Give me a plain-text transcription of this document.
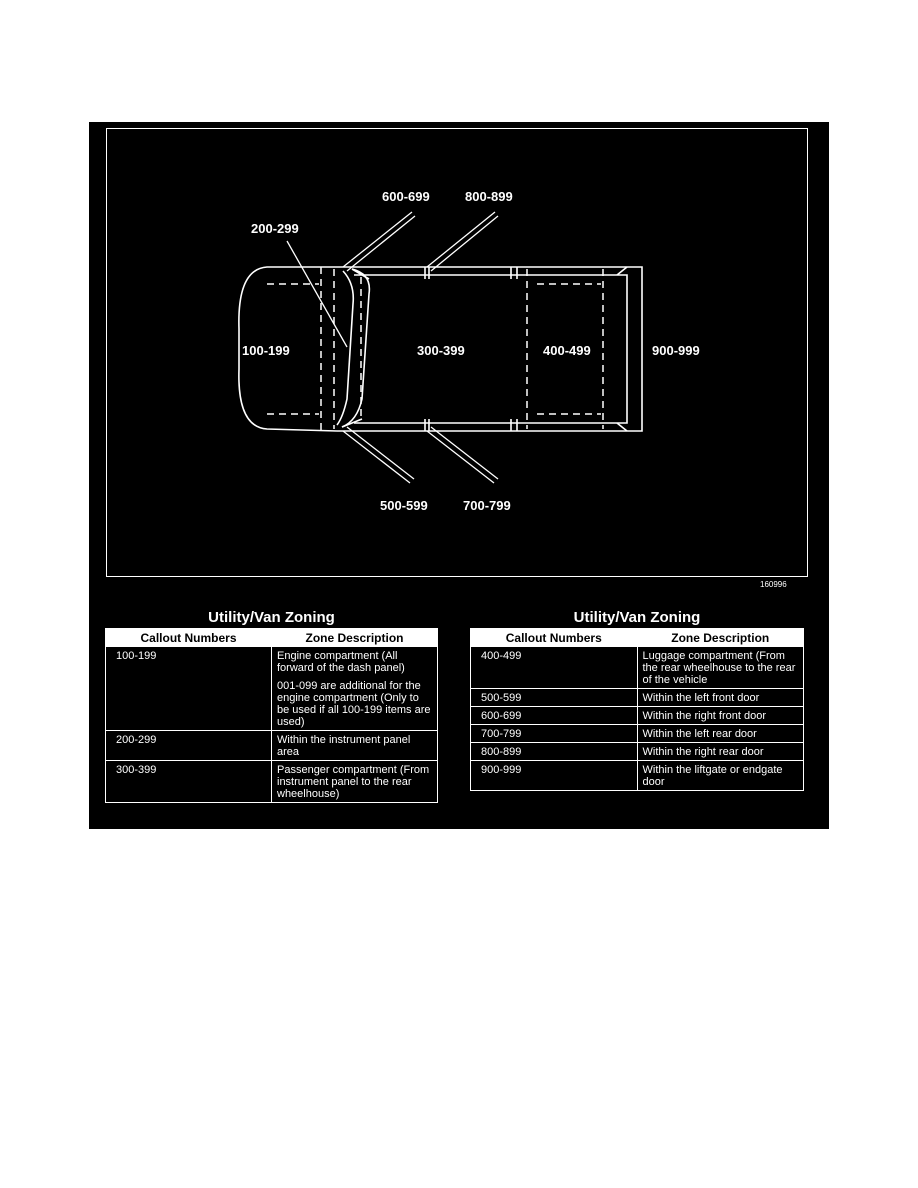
100-199
200-299
300-399	400-499
500-599
600-699
700-799
800-899
900-999
160996
Utility/Van Zoning
Callout Numbers	Zone Description
100-199	Engine compartment (All forward of the dash panel)
001-099 are additional for the engine compartment (Only to be used if all 100-199 items are used)

200-299	Within the instrument panel area

300-399	Passenger compartment (From instrument panel to the rear wheelhouse)
Utility/Van Zoning
Callout Numbers	Zone Description
400-499	Luggage compartment (From the rear wheelhouse to the rear of the vehicle

500-599	Within the left front door

600-699	Within the right front door

700-799	Within the left rear door

800-899	Within the right rear door

900-999	Within the liftgate or endgate door
